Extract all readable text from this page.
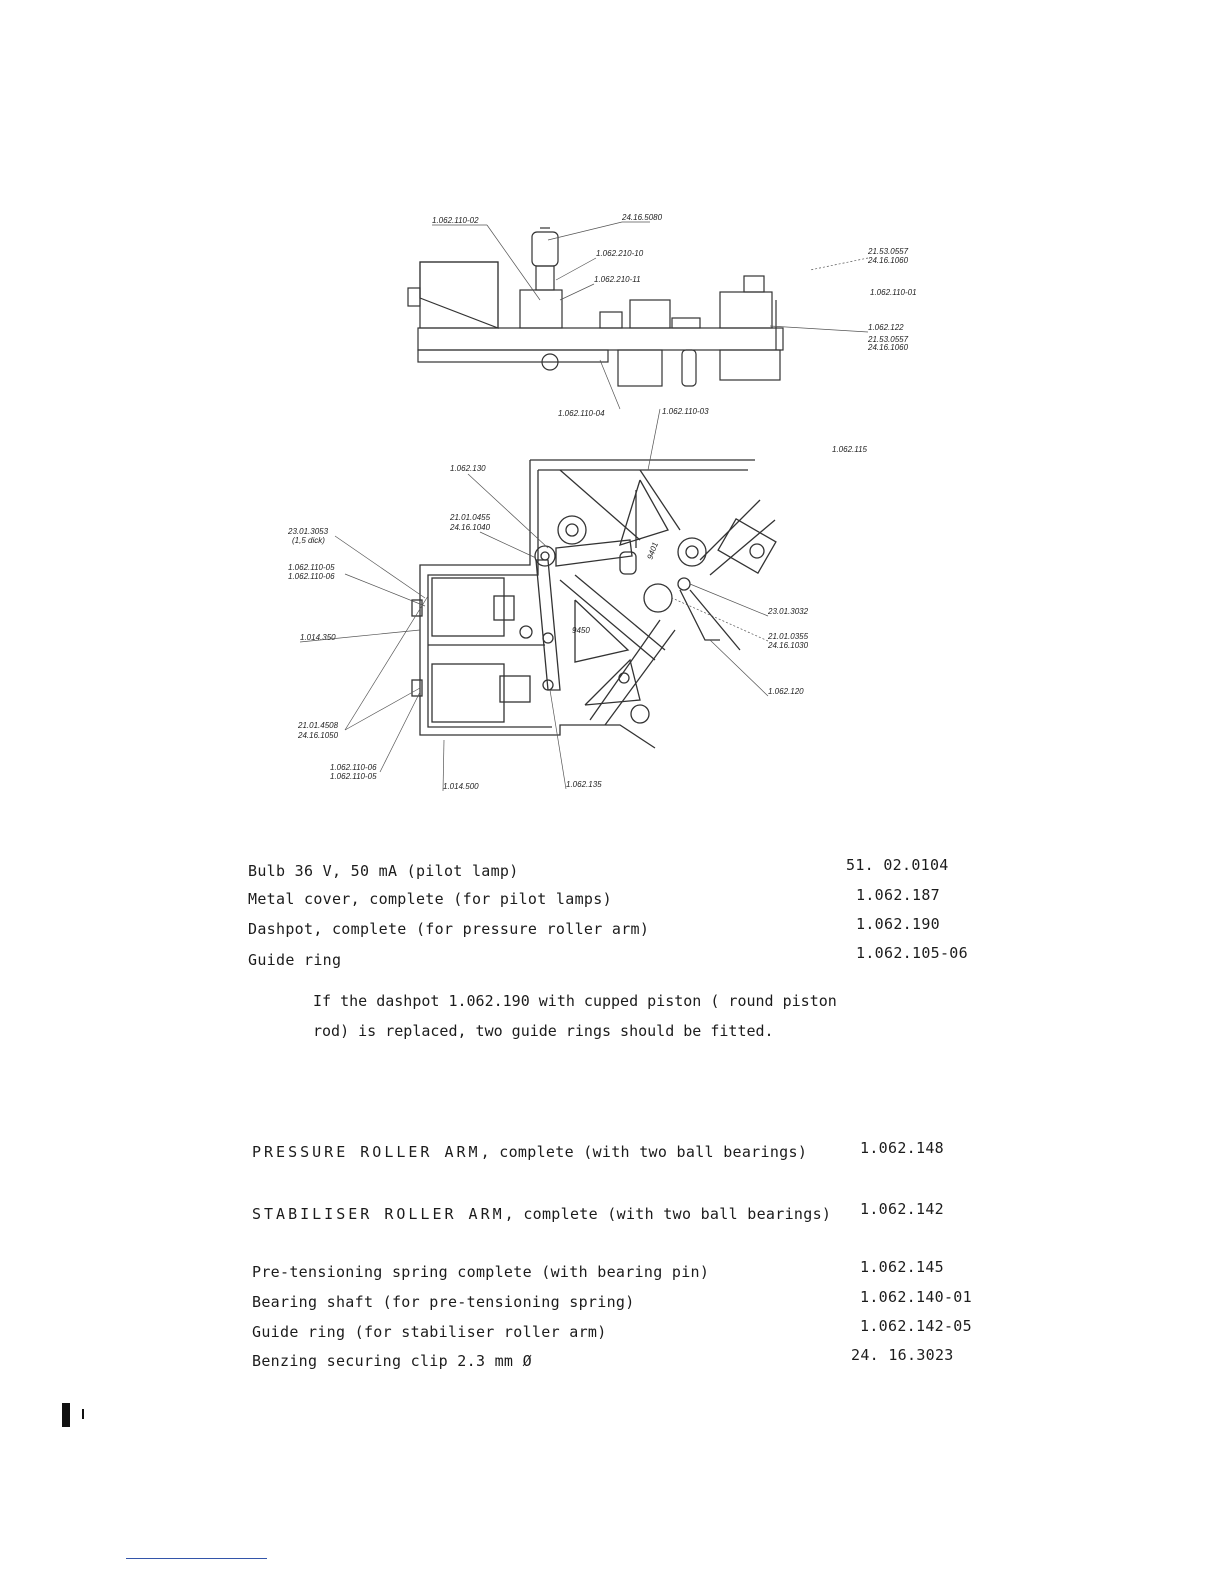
1.062.110-02	24.16.5080
1.062.210-10
1.062.210-11
21.53.0557
24.16.1060
1.062.110-01
1.062.122
21.53.0557
24.16.1060
1.062.110-04	1.062.110-03
1.062.115
1.062.130
21.01.0455
24.16.1040
23.01.3053
(1,5 dick)
1.062.110-05
1.062.110-06
1.014.350
23.01.3032
21.01.0355
24.16.1030
1.062.120
21.01.4508
24.16.1050
1.062.110-06
1.062.110-05
1.014.500	1.062.135
9401
9450
Bulb 36 V, 50 mA (pilot lamp)	51. 02.0104
Metal cover, complete (for pilot lamps)	1.062.187
Dashpot, complete (for pressure roller arm)	1.062.190
Guide ring	1.062.105-06
If the dashpot 1.062.190 with cupped piston ( round piston
rod) is replaced, two guide rings should be fitted.
PRESSURE ROLLER ARM, complete (with two ball bearings)	1.062.148
STABILISER ROLLER ARM, complete (with two ball bearings) 1.062.142
Pre-tensioning spring complete (with bearing pin)	1.062.145
Bearing shaft (for pre-tensioning spring)	1.062.140-01
Guide ring (for stabiliser roller arm)	1.062.142-05
Benzing securing clip 2.3 mm Ø	24. 16.3023
